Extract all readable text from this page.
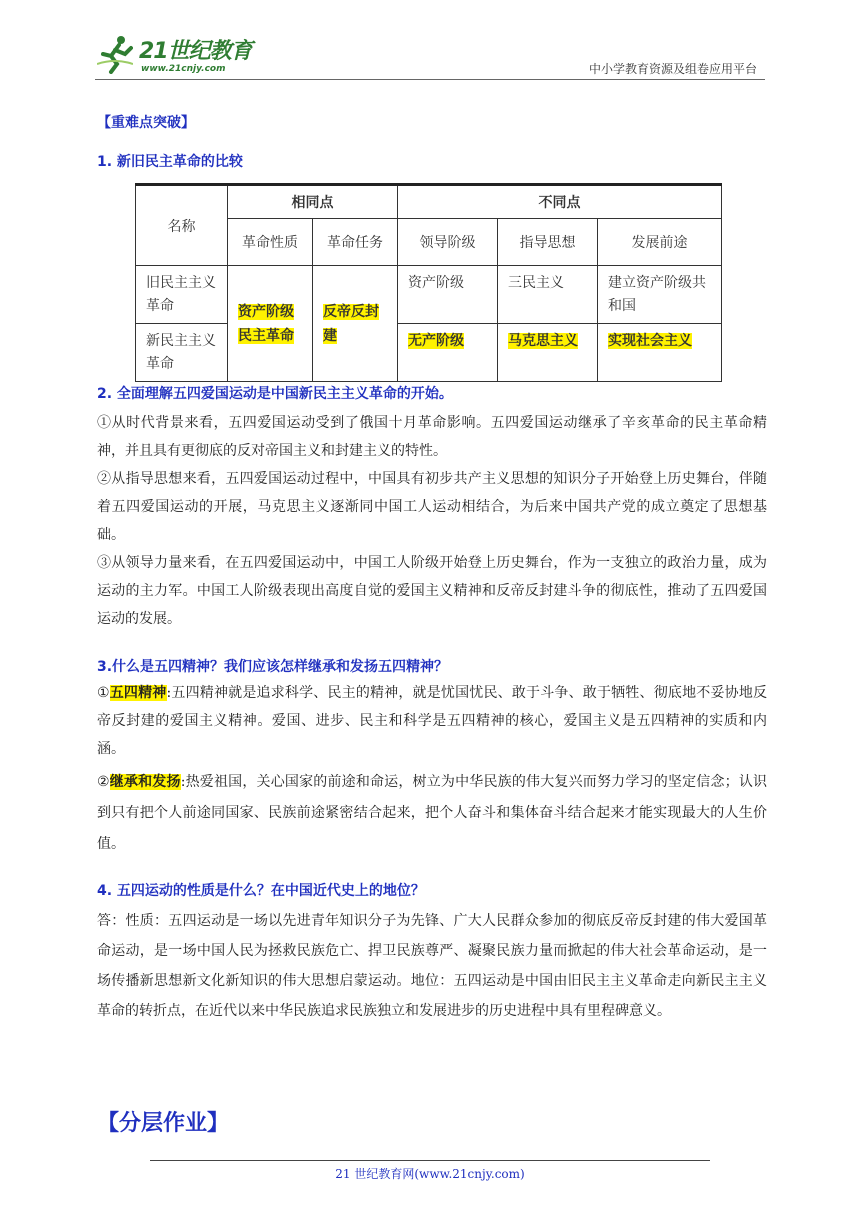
21世纪教育
www.21cnjy.com	中小学教育资源及组卷应用平台
【重难点突破】
1. 新旧民主革命的比较
名称	相同点		不同点		
	革命性质	革命任务	领导阶级	指导思想	发展前途
旧民主主义革命	资产阶级民主革命	反帝反封建	资产阶级	三民主义	建立资产阶级共和国
新民主主义革命			无产阶级	马克思主义	实现社会主义
2. 全面理解五四爱国运动是中国新民主主义革命的开始。

①从时代背景来看，五四爱国运动受到了俄国十月革命影响。五四爱国运动继承了辛亥革命的民主革命精神，并且具有更彻底的反对帝国主义和封建主义的特性。

②从指导思想来看，五四爱国运动过程中，中国具有初步共产主义思想的知识分子开始登上历史舞台，伴随着五四爱国运动的开展，马克思主义逐渐同中国工人运动相结合，为后来中国共产党的成立奠定了思想基础。

③从领导力量来看，在五四爱国运动中，中国工人阶级开始登上历史舞台，作为一支独立的政治力量，成为运动的主力军。中国工人阶级表现出高度自觉的爱国主义精神和反帝反封建斗争的彻底性，推动了五四爱国运动的发展。

3.什么是五四精神？我们应该怎样继承和发扬五四精神？

①五四精神:五四精神就是追求科学、民主的精神，就是忧国忧民、敢于斗争、敢于牺牲、彻底地不妥协地反帝反封建的爱国主义精神。爱国、进步、民主和科学是五四精神的核心，爱国主义是五四精神的实质和内涵。

②继承和发扬:热爱祖国，关心国家的前途和命运，树立为中华民族的伟大复兴而努力学习的坚定信念；认识到只有把个人前途同国家、民族前途紧密结合起来，把个人奋斗和集体奋斗结合起来才能实现最大的人生价值。

4. 五四运动的性质是什么？在中国近代史上的地位？
答：性质：五四运动是一场以先进青年知识分子为先锋、广大人民群众参加的彻底反帝反封建的伟大爱国革命运动，是一场中国人民为拯救民族危亡、捍卫民族尊严、凝聚民族力量而掀起的伟大社会革命运动，是一场传播新思想新文化新知识的伟大思想启蒙运动。地位：五四运动是中国由旧民主主义革命走向新民主主义革命的转折点，在近代以来中华民族追求民族独立和发展进步的历史进程中具有里程碑意义。
【分层作业】
21 世纪教育网(www.21cnjy.com)
